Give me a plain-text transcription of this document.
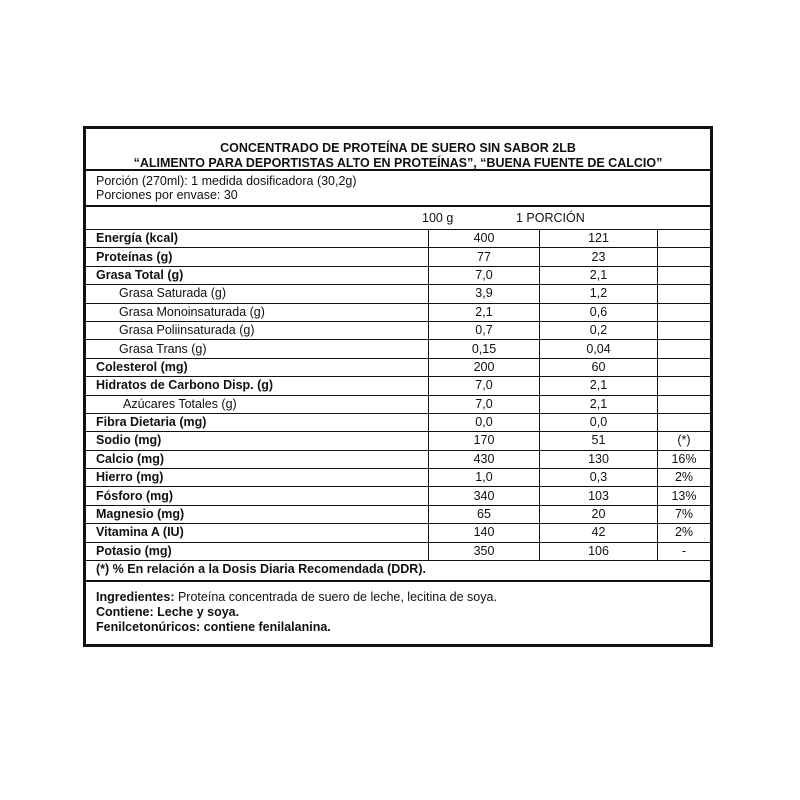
CONCENTRADO DE PROTEÍNA DE SUERO SIN SABOR 2LB
“ALIMENTO PARA DEPORTISTAS ALTO EN PROTEÍNAS”, “BUENA FUENTE DE CALCIO”
Porción (270ml): 1 medida dosificadora (30,2g)
Porciones por envase: 30
100 g	1 PORCIÓN
Energía (kcal)	400	121	
Proteínas (g)	77	23	
Grasa Total (g)	7,0	2,1	
Grasa Saturada (g)	3,9	1,2	
Grasa Monoinsaturada (g)	2,1	0,6	
Grasa Poliinsaturada (g)	0,7	0,2	
Grasa Trans (g)	0,15	0,04	
Colesterol (mg)	200	60	
Hidratos de Carbono Disp. (g)	7,0	2,1	
Azúcares Totales (g)	7,0	2,1	
Fibra Dietaria (mg)	0,0	0,0	
Sodio (mg)	170	51	(*)
Calcio (mg)	430	130	16%
Hierro (mg)	1,0	0,3	2%
Fósforo (mg)	340	103	13%
Magnesio (mg)	65	20	7%
Vitamina A (IU)	140	42	2%
Potasio (mg)	350	106	-
(*) % En relación a la Dosis Diaria Recomendada (DDR).
Ingredientes: Proteína concentrada de suero de leche, lecitina de soya.
Contiene: Leche y soya.
Fenilcetonúricos: contiene fenilalanina.
